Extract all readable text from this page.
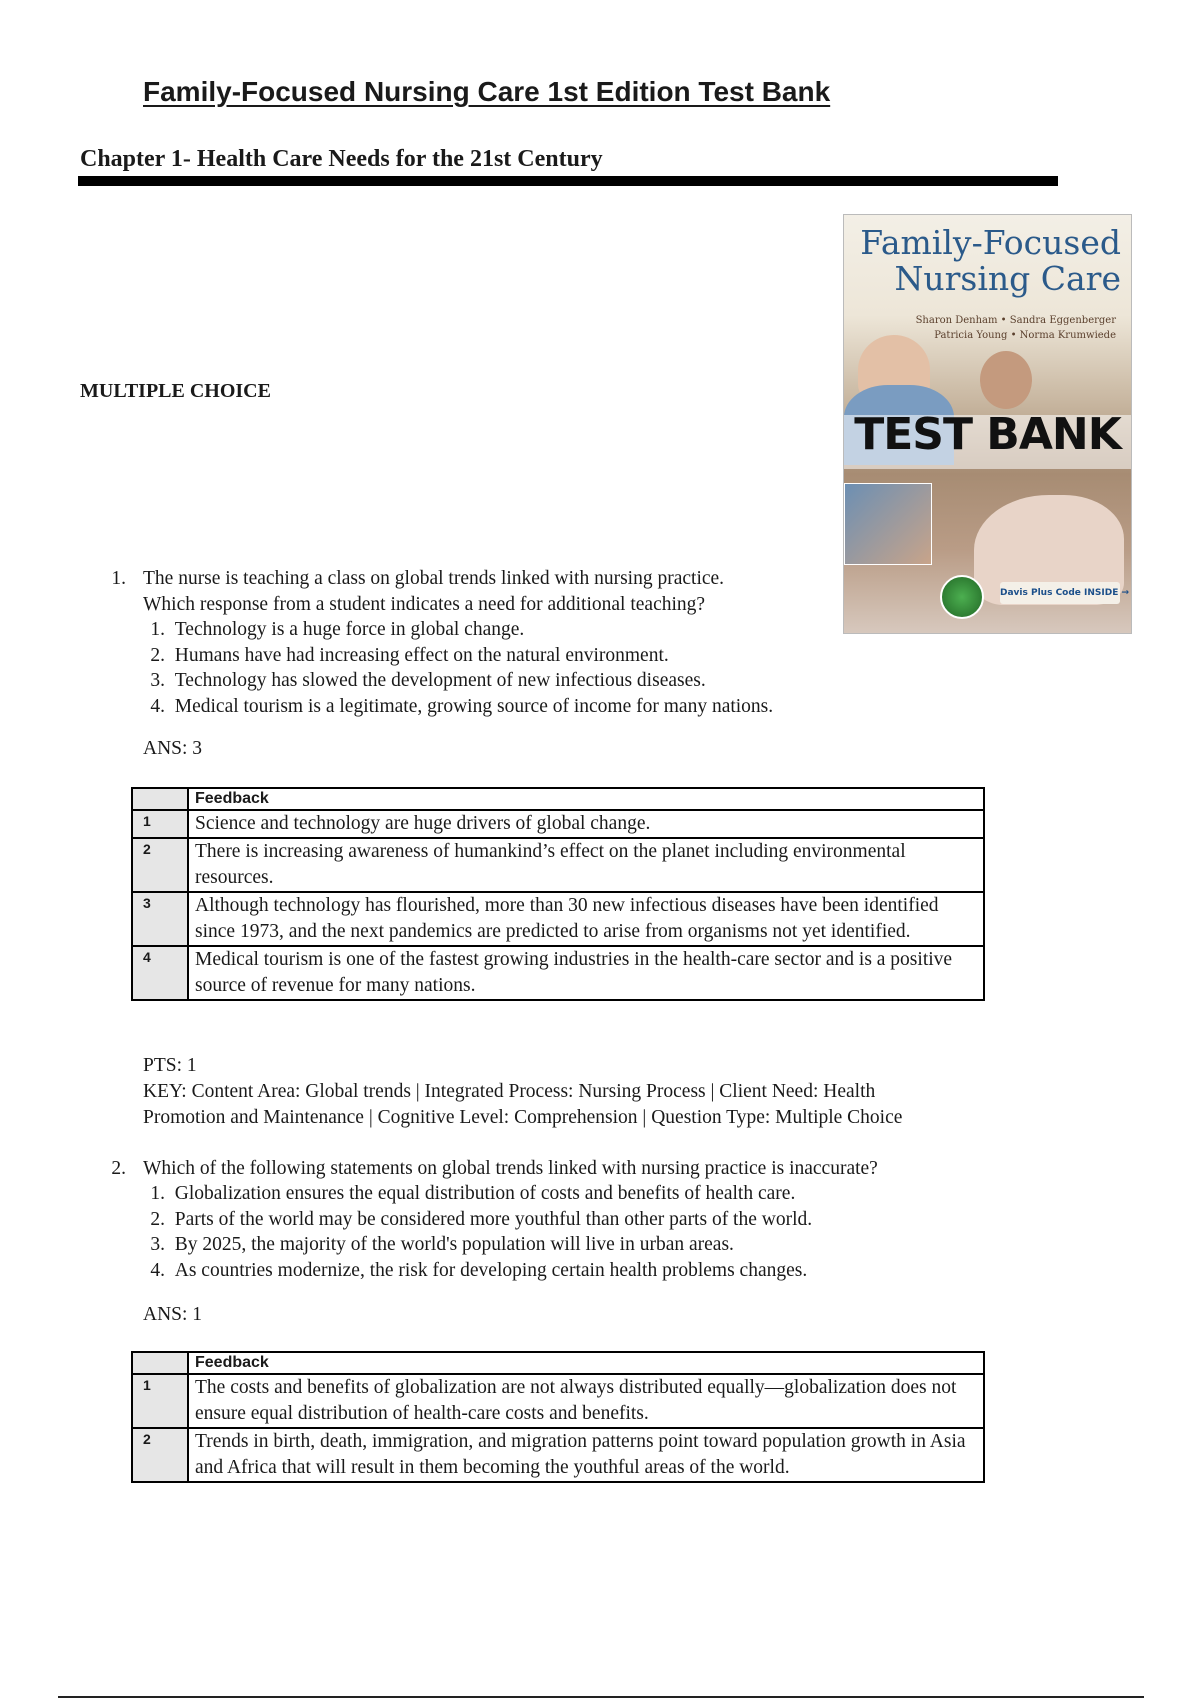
Family-Focused Nursing Care 1st Edition Test Bank
Chapter 1- Health Care Needs for the 21st Century
Family-Focused
Nursing Care
Sharon Denham • Sandra Eggenberger
Patricia Young • Norma Krumwiede
TEST BANK
Davis Plus Code INSIDE →
MULTIPLE CHOICE
1. The nurse is teaching a class on global trends linked with nursing practice.
Which response from a student indicates a need for additional teaching?
1. Technology is a huge force in global change.
2. Humans have had increasing effect on the natural environment.
3. Technology has slowed the development of new infectious diseases.
4. Medical tourism is a legitimate, growing source of income for many nations.
ANS: 3
	Feedback
1	Science and technology are huge drivers of global change.
2	There is increasing awareness of humankind’s effect on the planet including environmental resources.
3	Although technology has flourished, more than 30 new infectious diseases have been identified since 1973, and the next pandemics are predicted to arise from organisms not yet identified.
4	Medical tourism is one of the fastest growing industries in the health-care sector and is a positive source of revenue for many nations.
PTS: 1
KEY: Content Area: Global trends | Integrated Process: Nursing Process | Client Need: Health
Promotion and Maintenance | Cognitive Level: Comprehension | Question Type: Multiple Choice
2. Which of the following statements on global trends linked with nursing practice is inaccurate?
1. Globalization ensures the equal distribution of costs and benefits of health care.
2. Parts of the world may be considered more youthful than other parts of the world.
3. By 2025, the majority of the world's population will live in urban areas.
4. As countries modernize, the risk for developing certain health problems changes.
ANS: 1
	Feedback
1	The costs and benefits of globalization are not always distributed equally—globalization does not ensure equal distribution of health-care costs and benefits.
2	Trends in birth, death, immigration, and migration patterns point toward population growth in Asia and Africa that will result in them becoming the youthful areas of the world.
